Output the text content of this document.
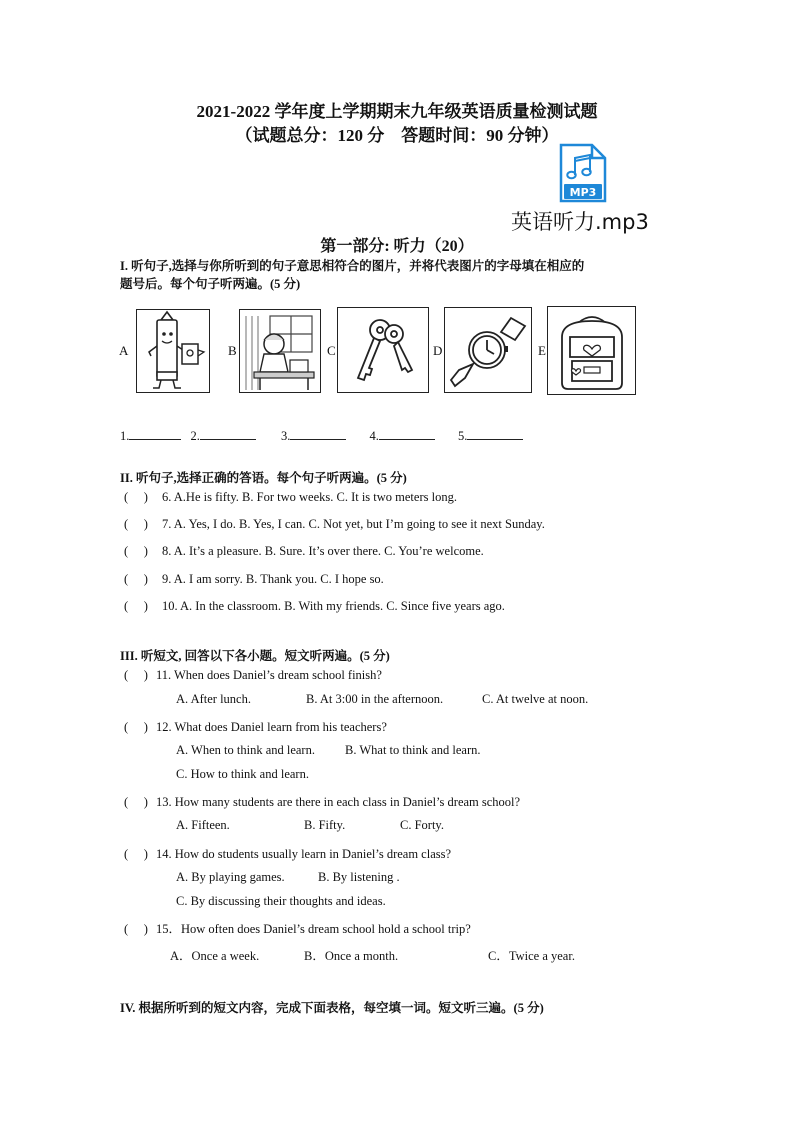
2021-2022 学年度上学期期末九年级英语质量检测试题
（试题总分：120 分　答题时间：90 分钟）
MP3
英语听力.mp3
第一部分: 听力（20）
I. 听句子,选择与你所听到的句子意思相符合的图片，并将代表图片的字母填在相应的
题号后。每个句子听两遍。(5 分)
A	B	C	D	E
1.	2.	3.	4.	5.
II. 听句子,选择正确的答语。每个句子听两遍。(5 分)
(　 ) 6. A.He is fifty. B. For two weeks. C. It is two meters long.
(　 ) 7. A. Yes, I do. B. Yes, I can. C. Not yet, but I’m going to see it next Sunday.
(　 ) 8. A. It’s a pleasure. B. Sure. It’s over there. C. You’re welcome.
(　 ) 9. A. I am sorry. B. Thank you. C. I hope so.
(　 ) 10. A. In the classroom. B. With my friends. C. Since five years ago.
III. 听短文, 回答以下各小题。短文听两遍。(5 分)
(　 ) 11. When does Daniel’s dream school finish?
A. After lunch.	B. At 3:00 in the afternoon.	C. At twelve at noon.
(　 ) 12. What does Daniel learn from his teachers?
A. When to think and learn. B. What to think and learn.
C. How to think and learn.
(　 ) 13. How many students are there in each class in Daniel’s dream school?
A. Fifteen.	B. Fifty.	C. Forty.
(　 ) 14. How do students usually learn in Daniel’s dream class?
A. By playing games.	B. By listening .
C. By discussing their thoughts and ideas.
(　 ) 15．How often does Daniel’s dream school hold a school trip?
A．Once a week.	B．Once a month.	C．Twice a year.
IV. 根据所听到的短文内容，完成下面表格，每空填一词。短文听三遍。(5 分)
